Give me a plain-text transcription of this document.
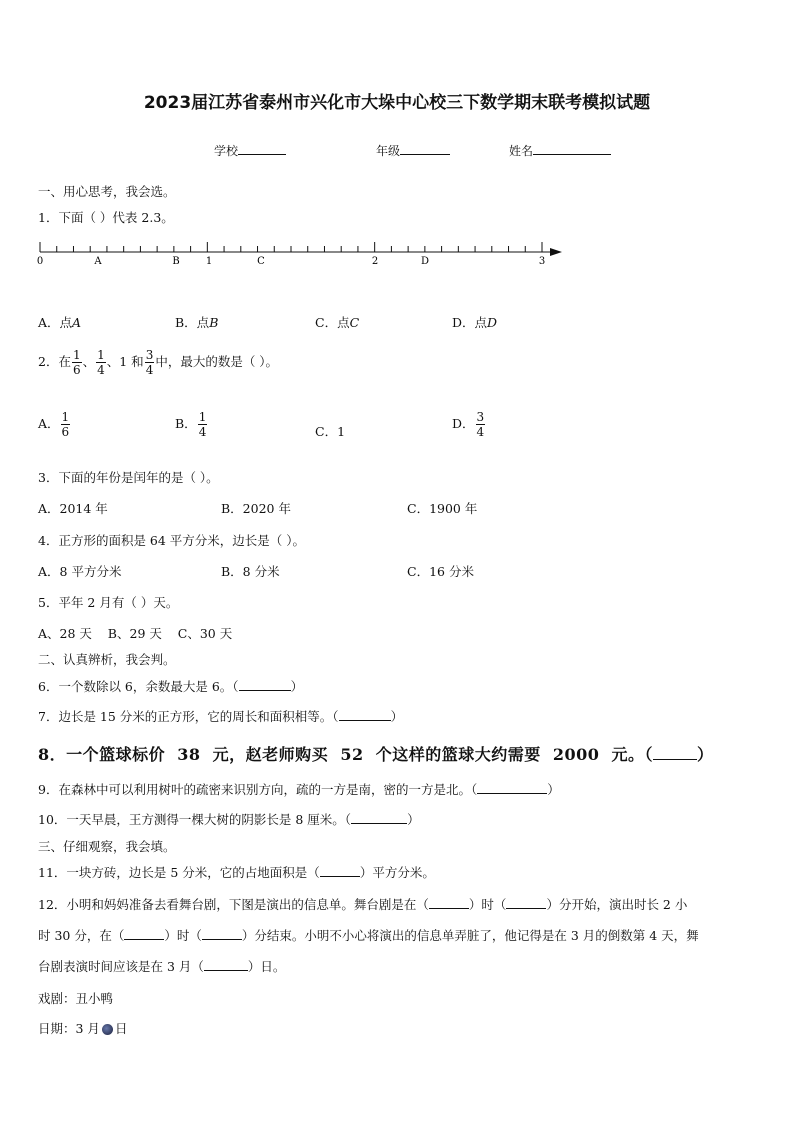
2023届江苏省泰州市兴化市大垛中心校三下数学期末联考模拟试题
学校	年级	姓名
一、用心思考，我会选。
1．下面（ ）代表 2.3。
0	1	2	3
A	B	C	D
A．点A	B．点B	C．点C	D．点D
2．在 $\frac{1}{6}$ 、 $\frac{1}{4}$ 、1 和 $\frac{3}{4}$ 中，最大的数是（ ）。
A． $\frac{1}{6}$	B． $\frac{1}{4}$	C．1
D． $\frac{3}{4}$
3．下面的年份是闰年的是（ ）。
A．2014 年	B．2020 年	C．1900 年
4．正方形的面积是 64 平方分米，边长是（ ）。
A．8 平方分米	B．8 分米	C．16 分米
5．平年 2 月有（ ）天。
A、28 天    B、29 天    C、30 天
二、认真辨析，我会判。
6．一个数除以 6，余数最大是 6。（	）
7．边长是 15 分米的正方形，它的周长和面积相等。（	）
8．一个篮球标价  38  元，赵老师购买  52  个这样的篮球大约需要  2000  元。（	）
9．在森林中可以利用树叶的疏密来识别方向，疏的一方是南，密的一方是北。（	）
10．一天早晨，王方测得一棵大树的阴影长是 8 厘米。（	）
三、仔细观察，我会填。
11．一块方砖，边长是 5 分米，它的占地面积是（	）平方分米。
12．小明和妈妈准备去看舞台剧，下图是演出的信息单。舞台剧是在（	）时（	）分开始，演出时长 2 小
时 30 分，在（	）时（	）分结束。小明不小心将演出的信息单弄脏了，他记得是在 3 月的倒数第 4 天，舞
台剧表演时间应该是在 3 月（	）日。
戏剧：丑小鸭
日期：3 月 日
